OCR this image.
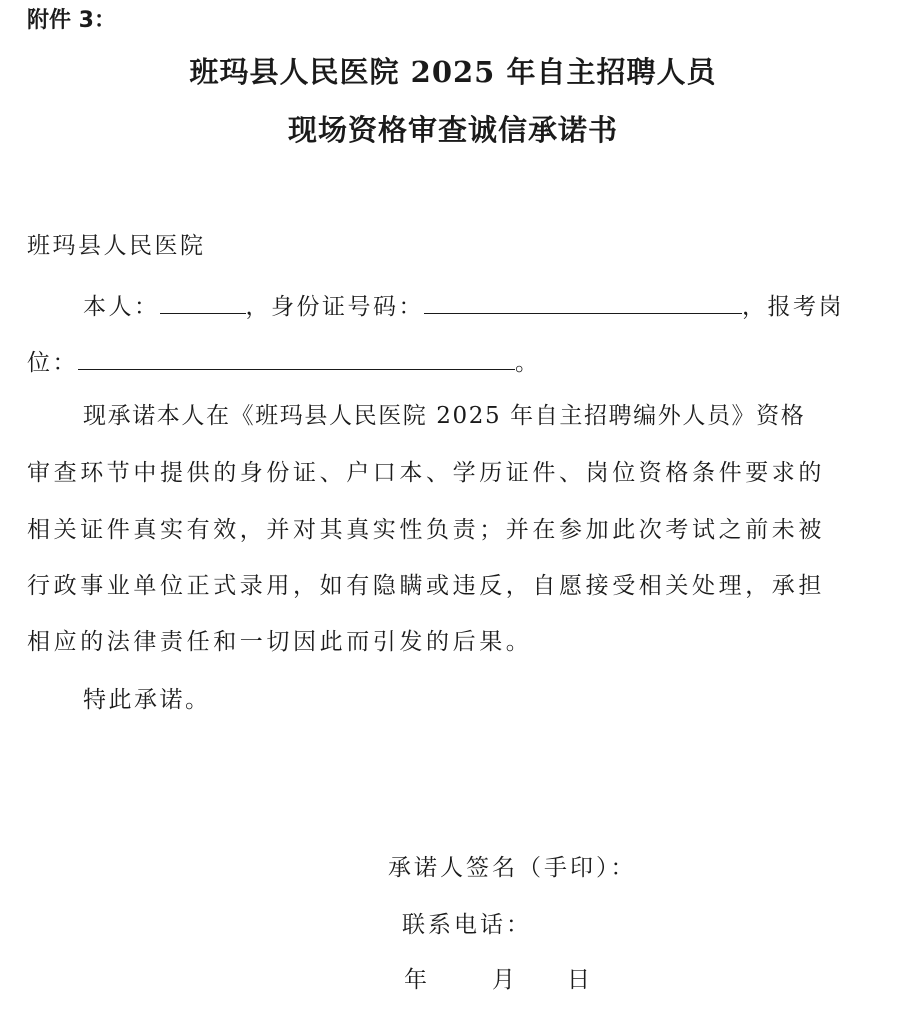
附件 3：
班玛县人民医院 2025 年自主招聘人员
现场资格审查诚信承诺书
班玛县人民医院
本人：	，身份证号码：	，报考岗
位：	。
现承诺本人在《班玛县人民医院 2025 年自主招聘编外人员》资格
审查环节中提供的身份证、户口本、学历证件、岗位资格条件要求的
相关证件真实有效，并对其真实性负责；并在参加此次考试之前未被
行政事业单位正式录用，如有隐瞒或违反，自愿接受相关处理，承担
相应的法律责任和一切因此而引发的后果。
特此承诺。
承诺人签名（手印）：
联系电话：
年	月 日
